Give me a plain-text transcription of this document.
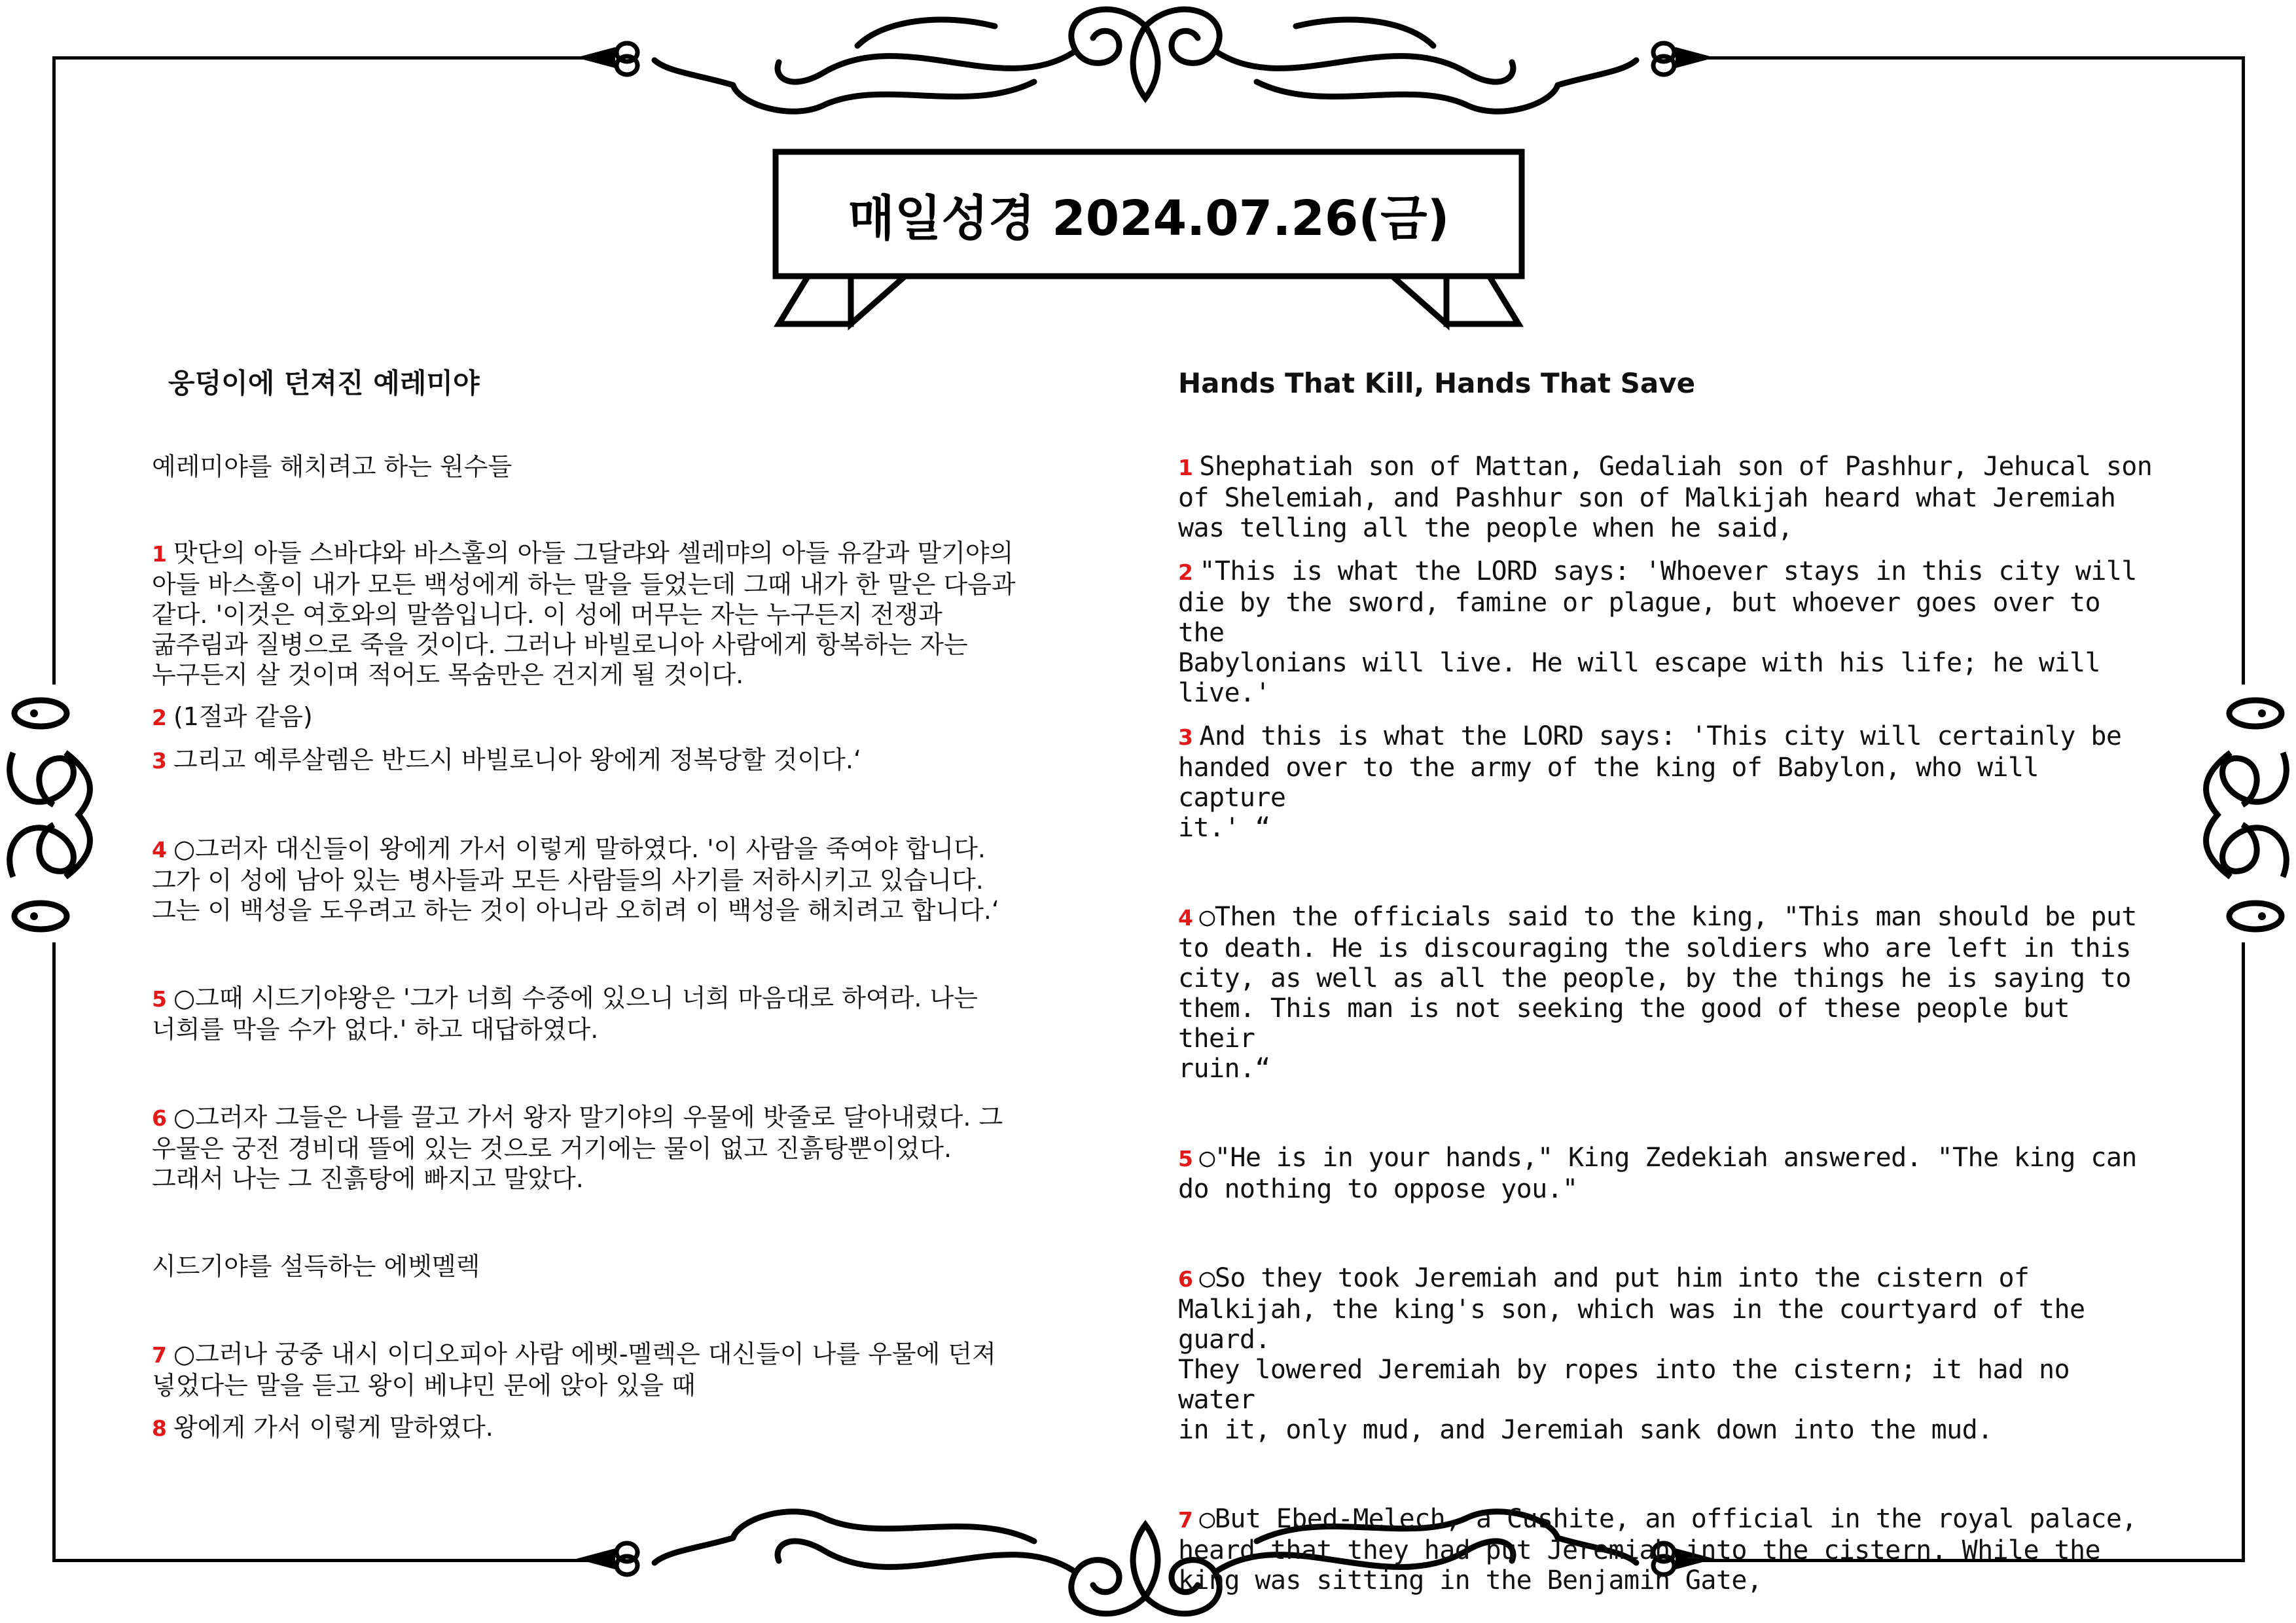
매일성경 2024.07.26(금)
웅덩이에 던져진 예레미야

예레미야를 해치려고 하는 원수들

1 맛단의 아들 스바댜와 바스훌의 아들 그달랴와 셀레먀의 아들 유갈과 말기야의
아들 바스훌이 내가 모든 백성에게 하는 말을 들었는데 그때 내가 한 말은 다음과
같다. '이것은 여호와의 말씀입니다. 이 성에 머무는 자는 누구든지 전쟁과
굶주림과 질병으로 죽을 것이다. 그러나 바빌로니아 사람에게 항복하는 자는
누구든지 살 것이며 적어도 목숨만은 건지게 될 것이다.
2 (1절과 같음)
3 그리고 예루살렘은 반드시 바빌로니아 왕에게 정복당할 것이다.‘
4 ○그러자 대신들이 왕에게 가서 이렇게 말하였다. '이 사람을 죽여야 합니다.
그가 이 성에 남아 있는 병사들과 모든 사람들의 사기를 저하시키고 있습니다.
그는 이 백성을 도우려고 하는 것이 아니라 오히려 이 백성을 해치려고 합니다.‘
5 ○그때 시드기야왕은 '그가 너희 수중에 있으니 너희 마음대로 하여라. 나는
너희를 막을 수가 없다.' 하고 대답하였다.
6 ○그러자 그들은 나를 끌고 가서 왕자 말기야의 우물에 밧줄로 달아내렸다. 그
우물은 궁전 경비대 뜰에 있는 것으로 거기에는 물이 없고 진흙탕뿐이었다.
그래서 나는 그 진흙탕에 빠지고 말았다.

시드기야를 설득하는 에벳멜렉

7 ○그러나 궁중 내시 이디오피아 사람 에벳-멜렉은 대신들이 나를 우물에 던져
넣었다는 말을 듣고 왕이 베냐민 문에 앉아 있을 때
8 왕에게 가서 이렇게 말하였다.
Hands That Kill, Hands That Save
1 Shephatiah son of Mattan, Gedaliah son of Pashhur, Jehucal son
of Shelemiah, and Pashhur son of Malkijah heard what Jeremiah
was telling all the people when he said,
2 "This is what the LORD says: 'Whoever stays in this city will
die by the sword, famine or plague, but whoever goes over to the
Babylonians will live. He will escape with his life; he will
live.'
3 And this is what the LORD says: 'This city will certainly be
handed over to the army of the king of Babylon, who will capture
it.' “
4 ○Then the officials said to the king, "This man should be put
to death. He is discouraging the soldiers who are left in this
city, as well as all the people, by the things he is saying to
them. This man is not seeking the good of these people but their
ruin.“
5 ○"He is in your hands," King Zedekiah answered. "The king can
do nothing to oppose you."
6 ○So they took Jeremiah and put him into the cistern of
Malkijah, the king's son, which was in the courtyard of the guard.
They lowered Jeremiah by ropes into the cistern; it had no water
in it, only mud, and Jeremiah sank down into the mud.
7 ○But Ebed-Melech, a Cushite, an official in the royal palace,
heard that they had put Jeremiah into the cistern. While the
king was sitting in the Benjamin Gate,
